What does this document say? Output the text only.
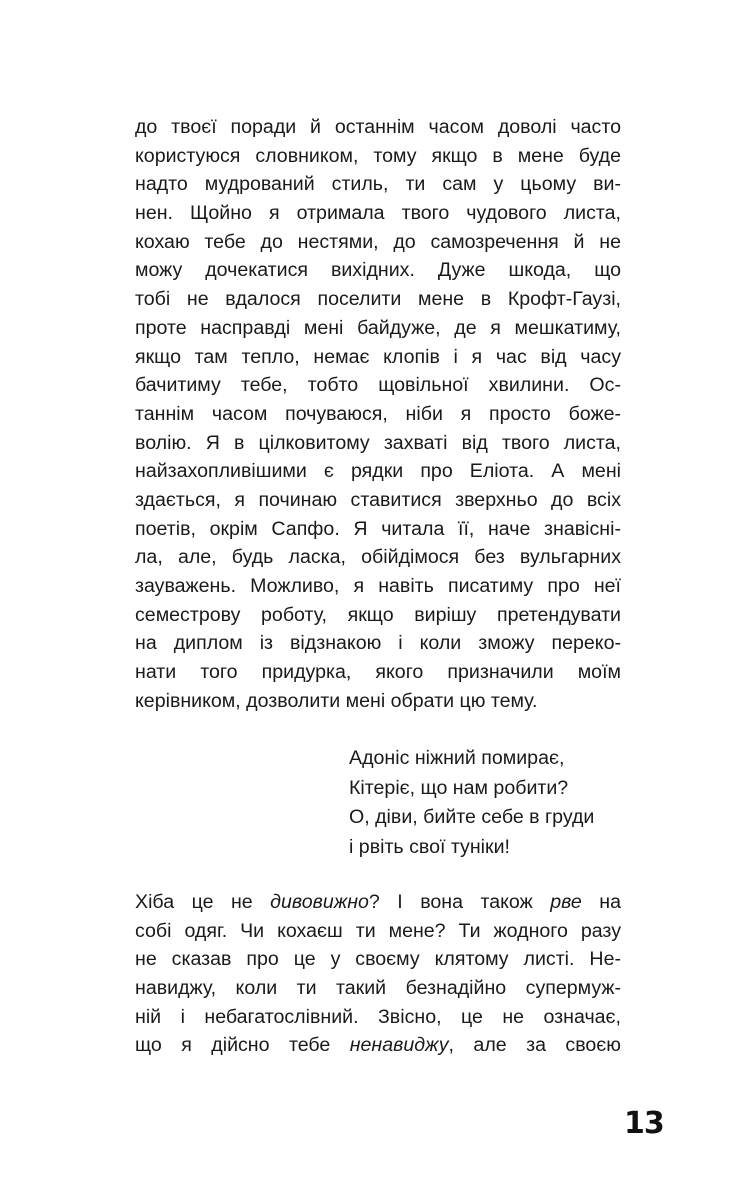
до твоєї поради й останнім часом доволі часто
користуюся словником, тому якщо в мене буде
надто мудрований стиль, ти сам у цьому ви-
нен. Щойно я отримала твого чудового листа,
кохаю тебе до нестями, до самозречення й не
можу дочекатися вихідних. Дуже шкода, що
тобі не вдалося поселити мене в Крофт-Гаузі,
проте насправді мені байдуже, де я мешкатиму,
якщо там тепло, немає клопів і я час від часу
бачитиму тебе, тобто щовільної хвилини. Ос-
таннім часом почуваюся, ніби я просто боже-
волію. Я в цілковитому захваті від твого листа,
найзахопливішими є рядки про Еліота. А мені
здається, я починаю ставитися зверхньо до всіх
поетів, окрім Сапфо. Я читала її, наче знавіснi-
ла, але, будь ласка, обійдімося без вульгарних
зауважень. Можливо, я навіть писатиму про неї
семестрову роботу, якщо вирішу претендувати
на диплом із відзнакою і коли зможу переко-
нати того придурка, якого призначили моїм
керівником, дозволити мені обрати цю тему.
Адоніс ніжний помирає,
Кітеріє, що нам робити?
О, діви, бийте себе в груди
і рвіть свої туніки!
Хіба це не дивовижно? І вона також рве на
собі одяг. Чи кохаєш ти мене? Ти жодного разу
не сказав про це у своєму клятому листі. Не-
навиджу, коли ти такий безнадійно супермуж-
ній і небагатослівний. Звісно, це не означає,
що я дійсно тебе ненавиджу, але за своєю
13
